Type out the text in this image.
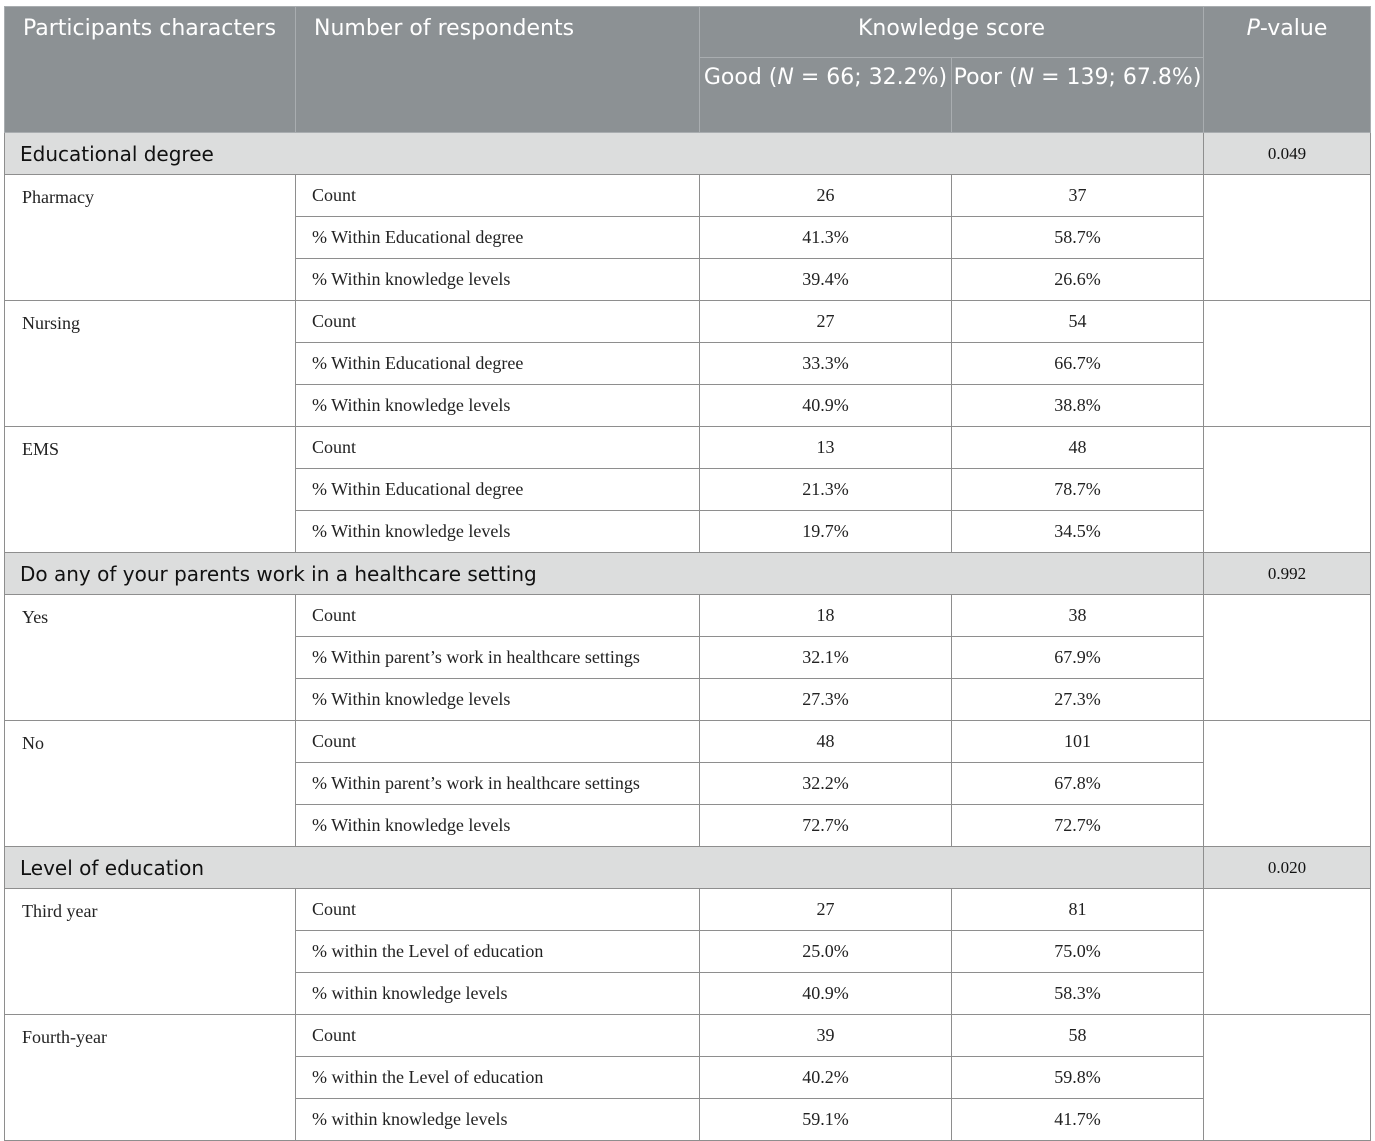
Participants characters	Number of respondents	Knowledge score		P-value
		Good (N = 66; 32.2%)	Poor (N = 139; 67.8%)	
Educational degree				0.049
Pharmacy	Count	26	37	
	% Within Educational degree	41.3%	58.7%	
	% Within knowledge levels	39.4%	26.6%	
Nursing	Count	27	54	
	% Within Educational degree	33.3%	66.7%	
	% Within knowledge levels	40.9%	38.8%	
EMS	Count	13	48	
	% Within Educational degree	21.3%	78.7%	
	% Within knowledge levels	19.7%	34.5%	
Do any of your parents work in a healthcare setting				0.992
Yes	Count	18	38	
	% Within parent’s work in healthcare settings	32.1%	67.9%	
	% Within knowledge levels	27.3%	27.3%	
No	Count	48	101	
	% Within parent’s work in healthcare settings	32.2%	67.8%	
	% Within knowledge levels	72.7%	72.7%	
Level of education				0.020
Third year	Count	27	81	
	% within the Level of education	25.0%	75.0%	
	% within knowledge levels	40.9%	58.3%	
Fourth-year	Count	39	58	
	% within the Level of education	40.2%	59.8%	
	% within knowledge levels	59.1%	41.7%	
